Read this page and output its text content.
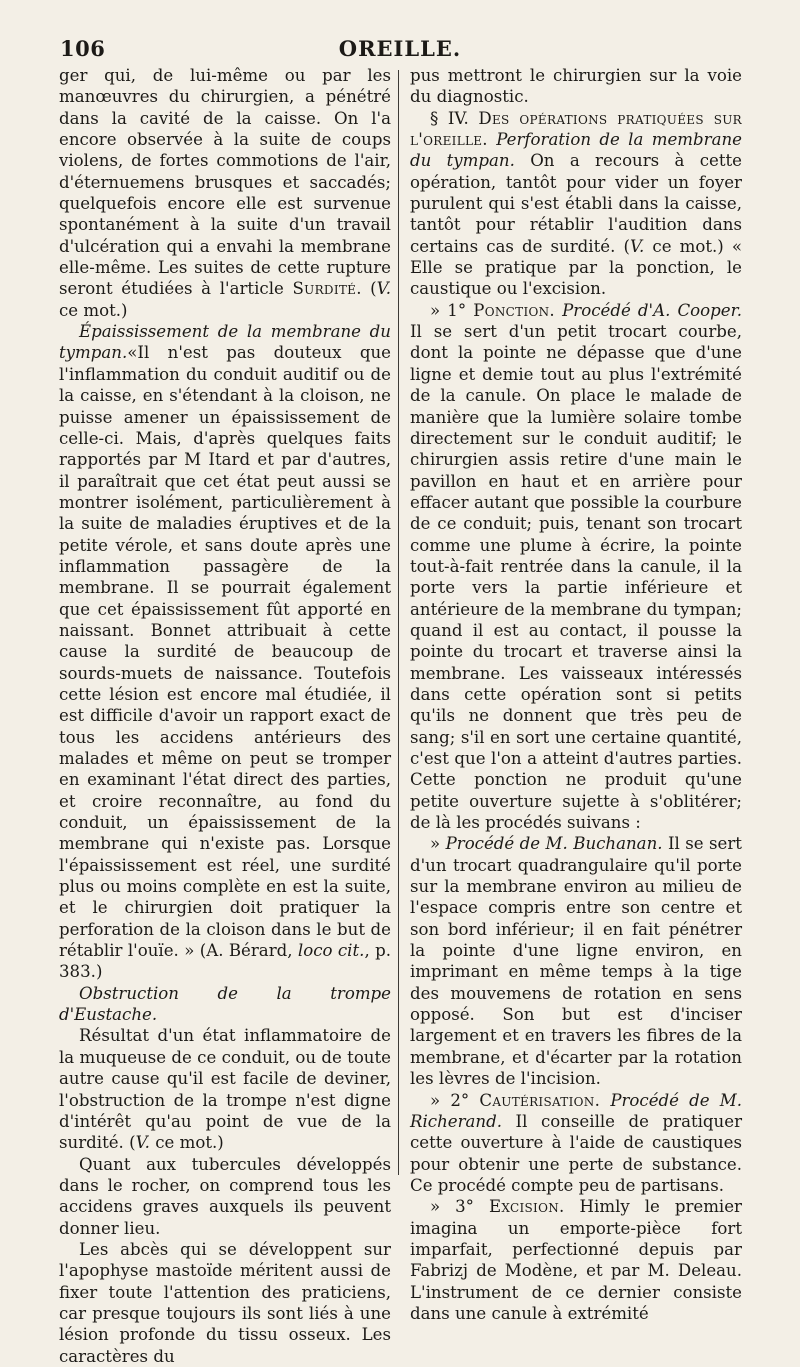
106	OREILLE.

ger qui, de lui-même ou par les manœuvres du chirurgien, a pénétré dans la cavité de la caisse. On l'a encore observée à la suite de coups violens, de fortes commotions de l'air, d'éternuemens brusques et saccadés; quelquefois encore elle est survenue spontanément à la suite d'un travail d'ulcération qui a envahi la membrane elle-même. Les suites de cette rupture seront étudiées à l'article Surdité. (V. ce mot.)

Épaississement de la membrane du tympan.«Il n'est pas douteux que l'inflammation du conduit auditif ou de la caisse, en s'étendant à la cloison, ne puisse amener un épaississement de celle-ci. Mais, d'après quelques faits rapportés par M Itard et par d'autres, il paraîtrait que cet état peut aussi se montrer isolément, particulièrement à la suite de maladies éruptives et de la petite vérole, et sans doute après une inflammation passagère de la membrane. Il se pourrait également que cet épaississement fût apporté en naissant. Bonnet attribuait à cette cause la surdité de beaucoup de sourds-muets de naissance. Toutefois cette lésion est encore mal étudiée, il est difficile d'avoir un rapport exact de tous les accidens antérieurs des malades et même on peut se tromper en examinant l'état direct des parties, et croire reconnaître, au fond du conduit, un épaississement de la membrane qui n'existe pas. Lorsque l'épaississement est réel, une surdité plus ou moins complète en est la suite, et le chirurgien doit pratiquer la perforation de la cloison dans le but de rétablir l'ouïe. » (A. Bérard, loco cit., p. 383.)

Obstruction de la trompe d'Eustache.

Résultat d'un état inflammatoire de la muqueuse de ce conduit, ou de toute autre cause qu'il est facile de deviner, l'obstruction de la trompe n'est digne d'intérêt qu'au point de vue de la surdité. (V. ce mot.)

Quant aux tubercules développés dans le rocher, on comprend tous les accidens graves auxquels ils peuvent donner lieu.

Les abcès qui se développent sur l'apophyse mastoïde méritent aussi de fixer toute l'attention des praticiens, car presque toujours ils sont liés à une lésion profonde du tissu osseux. Les caractères du

pus mettront le chirurgien sur la voie du diagnostic.

§ IV. Des opérations pratiquées sur l'oreille. Perforation de la membrane du tympan. On a recours à cette opération, tantôt pour vider un foyer purulent qui s'est établi dans la caisse, tantôt pour rétablir l'audition dans certains cas de surdité. (V. ce mot.) « Elle se pratique par la ponction, le caustique ou l'excision.

» 1° Ponction. Procédé d'A. Cooper. Il se sert d'un petit trocart courbe, dont la pointe ne dépasse que d'une ligne et demie tout au plus l'extrémité de la canule. On place le malade de manière que la lumière solaire tombe directement sur le conduit auditif; le chirurgien assis retire d'une main le pavillon en haut et en arrière pour effacer autant que possible la courbure de ce conduit; puis, tenant son trocart comme une plume à écrire, la pointe tout-à-fait rentrée dans la canule, il la porte vers la partie inférieure et antérieure de la membrane du tympan; quand il est au contact, il pousse la pointe du trocart et traverse ainsi la membrane. Les vaisseaux intéressés dans cette opération sont si petits qu'ils ne donnent que très peu de sang; s'il en sort une certaine quantité, c'est que l'on a atteint d'autres parties. Cette ponction ne produit qu'une petite ouverture sujette à s'oblitérer; de là les procédés suivans :

» Procédé de M. Buchanan. Il se sert d'un trocart quadrangulaire qu'il porte sur la membrane environ au milieu de l'espace compris entre son centre et son bord inférieur; il en fait pénétrer la pointe d'une ligne environ, en imprimant en même temps à la tige des mouvemens de rotation en sens opposé. Son but est d'inciser largement et en travers les fibres de la membrane, et d'écarter par la rotation les lèvres de l'incision.

» 2° Cautérisation. Procédé de M. Richerand. Il conseille de pratiquer cette ouverture à l'aide de caustiques pour obtenir une perte de substance. Ce procédé compte peu de partisans.

» 3° Excision. Himly le premier imagina un emporte-pièce fort imparfait, perfectionné depuis par Fabrizj de Modène, et par M. Deleau. L'instrument de ce dernier consiste dans une canule à extrémité
